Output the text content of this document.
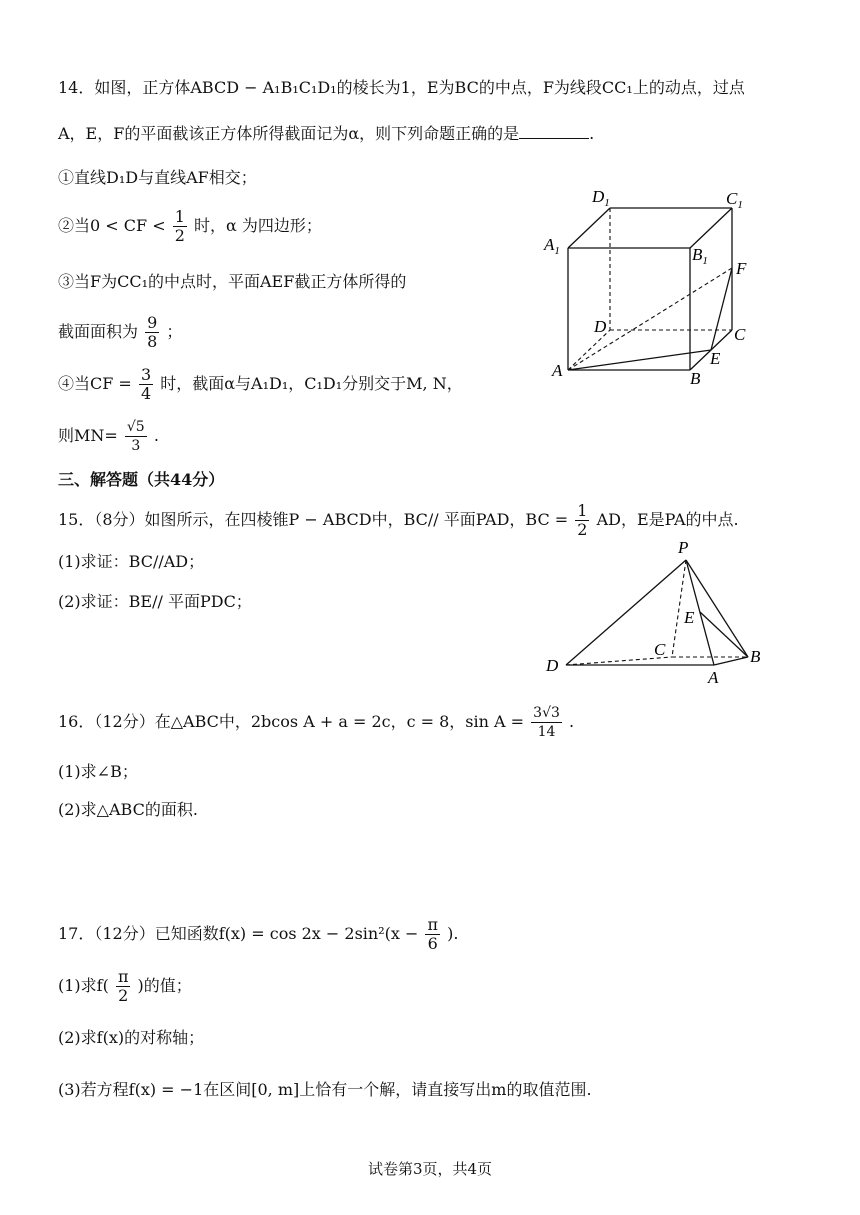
14．如图，正方体ABCD − A₁B₁C₁D₁的棱长为1，E为BC的中点，F为线段CC₁上的动点，过点
A，E，F的平面截该正方体所得截面记为α，则下列命题正确的是	.
①直线D₁D与直线AF相交；
②当0 < CF < $\frac{1}{2}$ 时，α 为四边形；
③当F为CC₁的中点时，平面AEF截正方体所得的
截面面积为 $\frac{9}{8}$ ；
④当CF = $\frac{3}{4}$ 时，截面α与A₁D₁，C₁D₁分别交于M, N，
则$MN= \frac{√5}{3}$ .
$D_1$	$C_1$
$A_1$	$B_1$ F
D	C
E
A	B
三、解答题（共44分）
15．（8分）如图所示，在四棱锥P − ABCD中，BC// 平面PAD，BC = $\frac{1}{2}$ AD，E是PA的中点.
(1)求证：BC//AD；
(2)求证：BE// 平面PDC；
P
E
C
D	B
A
16．（12分）在△ABC中，2bcos A + a = 2c，c = 8，$\sin A = \frac{3√3}{14}$ .
(1)求∠B；
(2)求△ABC的面积.
17．（12分）已知函数$f(x) = \cos 2x - 2\sin^2(x - \frac{\pi}{6}$ ).
(1)求$f( \frac{\pi}{2}$ )的值；
(2)求f(x)的对称轴；
(3)若方程f(x) = −1在区间[0, m]上恰有一个解，请直接写出m的取值范围.
试卷第3页，共4页
